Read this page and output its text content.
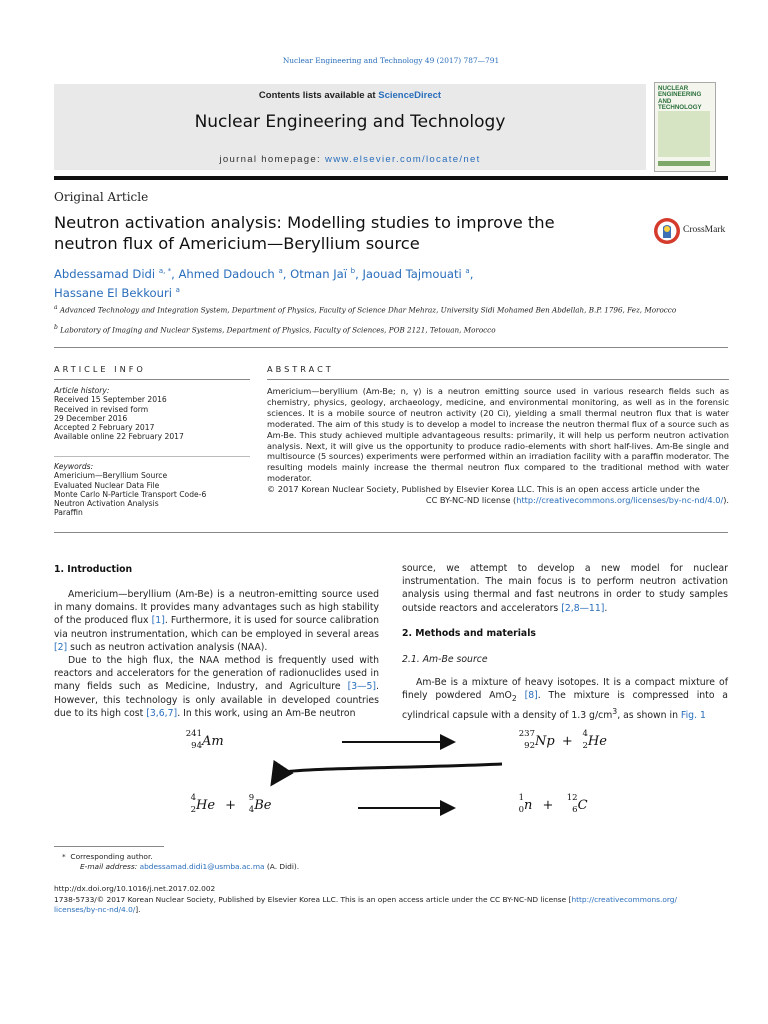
Nuclear Engineering and Technology 49 (2017) 787—791
Contents lists available at ScienceDirect
Nuclear Engineering and Technology
journal homepage: www.elsevier.com/locate/net
NUCLEAR ENGINEERING AND TECHNOLOGY
Original Article
Neutron activation analysis: Modelling studies to improve the neutron flux of Americium—Beryllium source
CrossMark
Abdessamad Didi $^{a, *}$, Ahmed Dadouch $^a$, Otman Jaï $^b$, Jaouad Tajmouati $^a$,
Hassane El Bekkouri $^a$
$^a$ Advanced Technology and Integration System, Department of Physics, Faculty of Science Dhar Mehraz, University Sidi Mohamed Ben Abdellah, B.P. 1796, Fez, Morocco
$^b$ Laboratory of Imaging and Nuclear Systems, Department of Physics, Faculty of Sciences, POB 2121, Tetouan, Morocco
ARTICLE INFO
Article history:
Received 15 September 2016
Received in revised form
29 December 2016
Accepted 2 February 2017
Available online 22 February 2017
Keywords:
Americium—Beryllium Source
Evaluated Nuclear Data File
Monte Carlo N-Particle Transport Code-6
Neutron Activation Analysis
Paraffin
ABSTRACT
Americium—beryllium (Am-Be; n, γ) is a neutron emitting source used in various research fields such as chemistry, physics, geology, archaeology, medicine, and environmental monitoring, as well as in the forensic sciences. It is a mobile source of neutron activity (20 Ci), yielding a small thermal neutron flux that is water moderated. The aim of this study is to develop a model to increase the neutron thermal flux of a source such as Am-Be. This study achieved multiple advantageous results: primarily, it will help us perform neutron activation analysis. Next, it will give us the opportunity to produce radio-elements with short half-lives. Am-Be single and multisource (5 sources) experiments were performed within an irradiation facility with a paraffin moderator. The resulting models mainly increase the thermal neutron flux compared to the traditional method with water moderator.
© 2017 Korean Nuclear Society, Published by Elsevier Korea LLC. This is an open access article under the
CC BY-NC-ND license (http://creativecommons.org/licenses/by-nc-nd/4.0/).
1. Introduction
Americium—beryllium (Am-Be) is a neutron-emitting source used in many domains. It provides many advantages such as high stability of the produced flux [1]. Furthermore, it is used for source calibration via neutron instrumentation, which can be employed in several areas [2] such as neutron activation analysis (NAA).
Due to the high flux, the NAA method is frequently used with reactors and accelerators for the generation of radionuclides used in many fields such as Medicine, Industry, and Agriculture [3—5]. However, this technology is only available in developed countries due to its high cost [3,6,7]. In this work, using an Am-Be neutron
source, we attempt to develop a new model for nuclear instrumentation. The main focus is to perform neutron activation analysis using thermal and fast neutrons in order to study samples outside reactors and accelerators [2,8—11].
2. Methods and materials
2.1. Am-Be source
Am-Be is a mixture of heavy isotopes. It is a compact mixture of finely powdered AmO$_2$ [8]. The mixture is compressed into a cylindrical capsule with a density of 1.3 $g/cm^3$, as shown in Fig. 1
241
94 Am	237
92 Np + 4
2 He
4
2 He + 9
4 Be	1
0 n + 12
6 C
* Corresponding author.
E-mail address: abdessamad.didi1@usmba.ac.ma (A. Didi).
http://dx.doi.org/10.1016/j.net.2017.02.002
1738-5733/© 2017 Korean Nuclear Society, Published by Elsevier Korea LLC. This is an open access article under the CC BY-NC-ND license [http://creativecommons.org/
licenses/by-nc-nd/4.0/].
